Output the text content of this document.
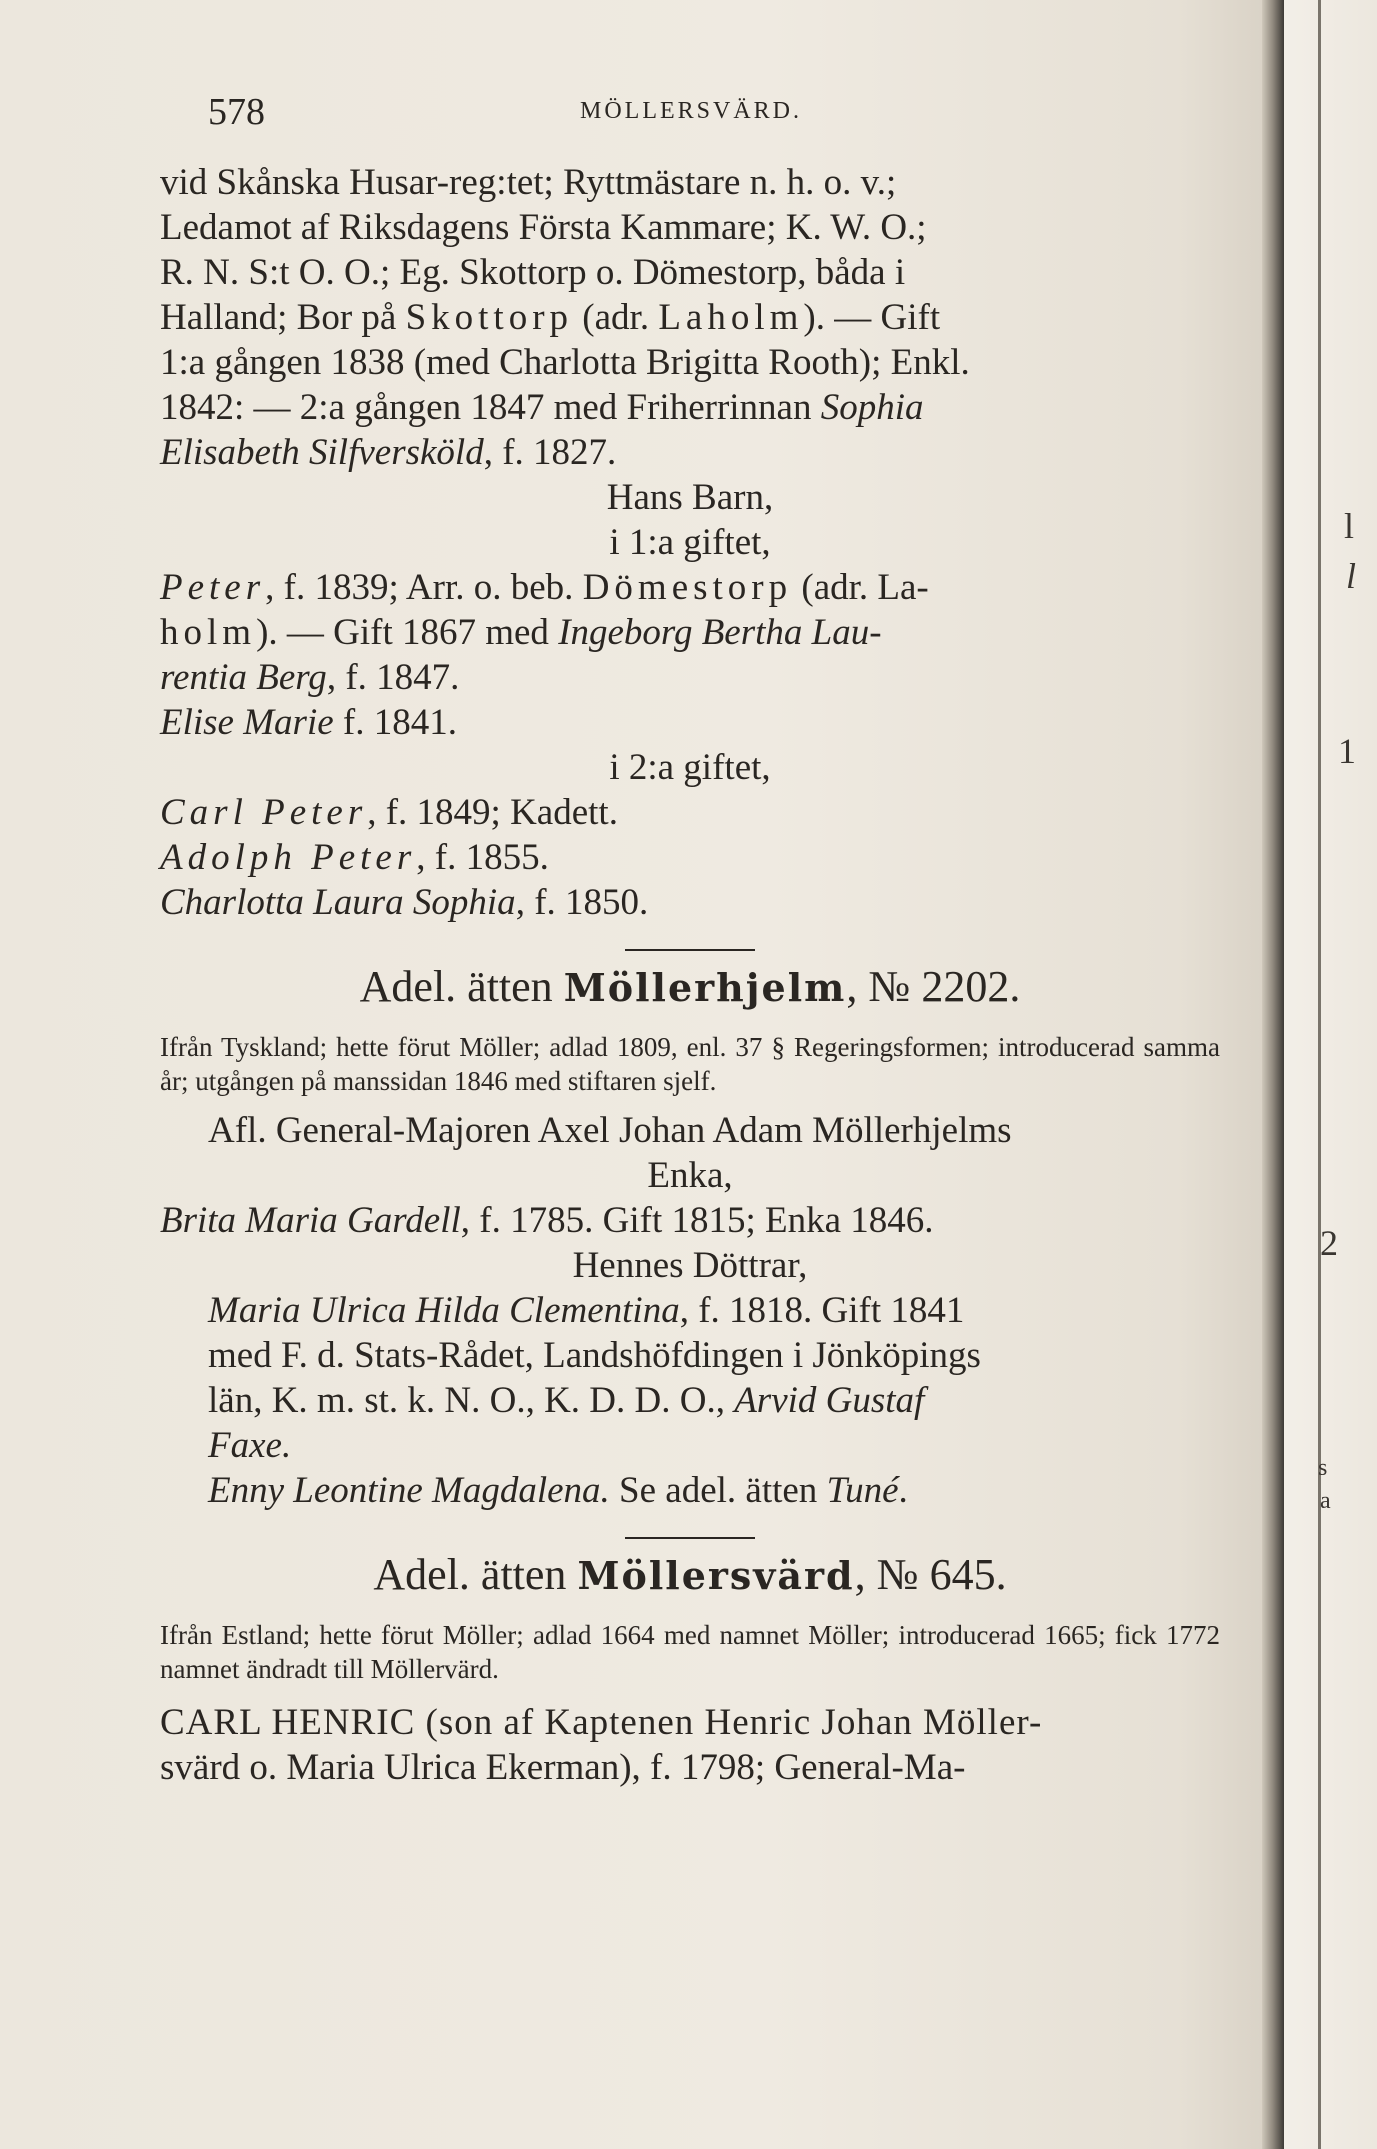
l
l
1
2
s
a
578	MÖLLERSVÄRD.
vid Skånska Husar-reg:tet; Ryttmästare n. h. o. v.;
Ledamot af Riksdagens Första Kammare; K. W. O.;
R. N. S:t O. O.; Eg. Skottorp o. Dömestorp, båda i
Halland; Bor på Skottorp (adr. Laholm). — Gift
1:a gången 1838 (med Charlotta Brigitta Rooth); Enkl.
1842: — 2:a gången 1847 med Friherrinnan Sophia
Elisabeth Silfversköld, f. 1827.
Hans Barn,
i 1:a giftet,
Peter, f. 1839; Arr. o. beb. Dömestorp (adr. La-
holm). — Gift 1867 med Ingeborg Bertha Lau-
rentia Berg, f. 1847.
Elise Marie f. 1841.
i 2:a giftet,
Carl Peter, f. 1849; Kadett.
Adolph Peter, f. 1855.
Charlotta Laura Sophia, f. 1850.
Adel. ätten Möllerhjelm, № 2202.

Ifrån Tyskland; hette förut Möller; adlad 1809, enl. 37 § Regeringsformen; introducerad samma år; utgången på manssidan 1846 med stiftaren sjelf.

Afl. General-Majoren Axel Johan Adam Möllerhjelms
Enka,
Brita Maria Gardell, f. 1785. Gift 1815; Enka 1846.
Hennes Döttrar,
Maria Ulrica Hilda Clementina, f. 1818. Gift 1841
med F. d. Stats-Rådet, Landshöfdingen i Jönköpings
län, K. m. st. k. N. O., K. D. D. O., Arvid Gustaf
Faxe.
Enny Leontine Magdalena. Se adel. ätten Tuné.
Adel. ätten Möllersvärd, № 645.

Ifrån Estland; hette förut Möller; adlad 1664 med namnet Möller; introducerad 1665; fick 1772 namnet ändradt till Möllervärd.

CARL HENRIC (son af Kaptenen Henric Johan Möller-
svärd o. Maria Ulrica Ekerman), f. 1798; General-Ma-
